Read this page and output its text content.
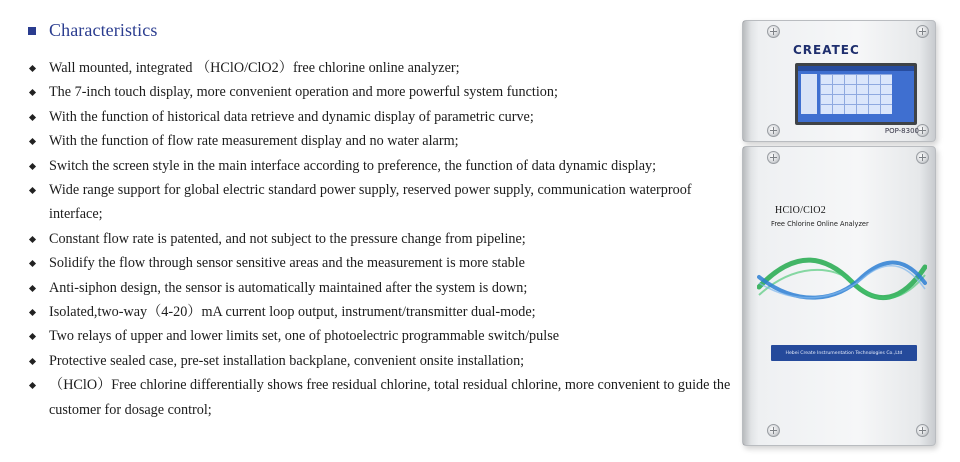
Characteristics
Wall mounted, integrated （HClO/ClO2）free chlorine online analyzer;
The 7-inch touch display, more convenient operation and more powerful system function;
With the function of historical data retrieve and dynamic display of parametric curve;
With the function of flow rate measurement display and no water alarm;
Switch the screen style in the main interface according to preference, the function of data dynamic display;
Wide range support for global electric standard power supply, reserved power supply, communication waterproof interface;
Constant flow rate is patented, and not subject to the pressure change from pipeline;
Solidify the flow through sensor sensitive areas and the measurement is more stable
Anti-siphon design, the sensor is automatically maintained after the system is down;
Isolated,two-way（4-20）mA current loop output, instrument/transmitter dual-mode;
Two relays of upper and lower limits set, one of photoelectric programmable switch/pulse
Protective sealed case, pre-set installation backplane, convenient onsite installation;
（HClO）Free chlorine differentially shows free residual chlorine, total residual chlorine, more convenient to guide the customer for dosage control;
CREATEC
POP-8300
HClO/ClO2
Free Chlorine Online Analyzer
Hebei Create Instrumentation Technologies Co.,Ltd
